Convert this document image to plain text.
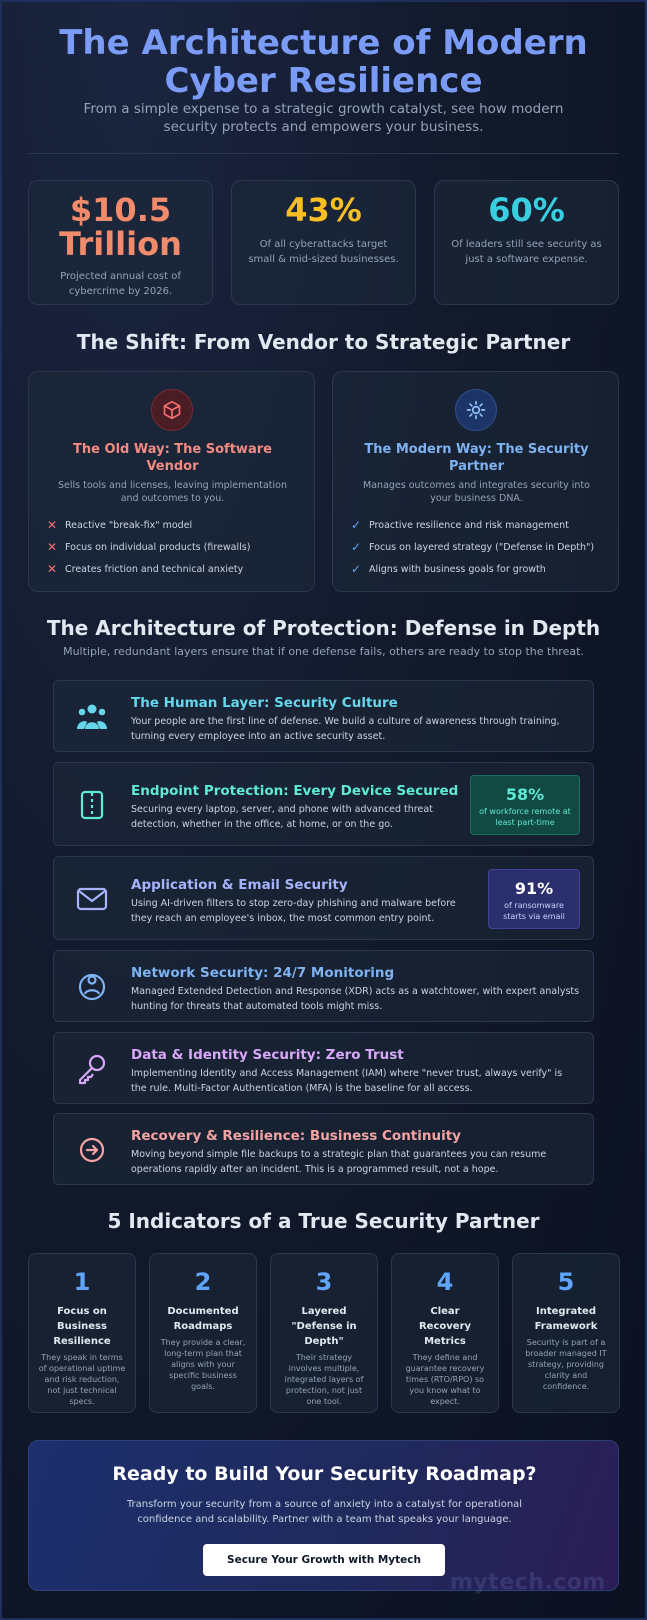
The Architecture of Modern
Cyber Resilience
From a simple expense to a strategic growth catalyst, see how modern security protects and empowers your business.
$10.5
Trillion
Projected annual cost of cybercrime by 2026.
43%
Of all cyberattacks target small & mid-sized businesses.
60%
Of leaders still see security as just a software expense.
The Shift: From Vendor to Strategic Partner
The Old Way: The Software Vendor
Sells tools and licenses, leaving implementation and outcomes to you.
✕ Reactive "break-fix" model
✕ Focus on individual products (firewalls)
✕ Creates friction and technical anxiety
The Modern Way: The Security Partner
Manages outcomes and integrates security into your business DNA.
✓ Proactive resilience and risk management
✓ Focus on layered strategy ("Defense in Depth")
✓ Aligns with business goals for growth
The Architecture of Protection: Defense in Depth
Multiple, redundant layers ensure that if one defense fails, others are ready to stop the threat.
The Human Layer: Security Culture
Your people are the first line of defense. We build a culture of awareness through training, turning every employee into an active security asset.
Endpoint Protection: Every Device Secured
Securing every laptop, server, and phone with advanced threat detection, whether in the office, at home, or on the go.
58%
of workforce remote at least part-time
Application & Email Security
Using AI-driven filters to stop zero-day phishing and malware before they reach an employee's inbox, the most common entry point.
91%
of ransomware starts via email
Network Security: 24/7 Monitoring
Managed Extended Detection and Response (XDR) acts as a watchtower, with expert analysts hunting for threats that automated tools might miss.
Data & Identity Security: Zero Trust
Implementing Identity and Access Management (IAM) where "never trust, always verify" is the rule. Multi-Factor Authentication (MFA) is the baseline for all access.
Recovery & Resilience: Business Continuity
Moving beyond simple file backups to a strategic plan that guarantees you can resume operations rapidly after an incident. This is a programmed result, not a hope.
5 Indicators of a True Security Partner
1
Focus on Business Resilience
They speak in terms of operational uptime and risk reduction, not just technical specs.
2
Documented Roadmaps
They provide a clear, long-term plan that aligns with your specific business goals.
3
Layered "Defense in Depth"
Their strategy involves multiple, integrated layers of protection, not just one tool.
4
Clear Recovery Metrics
They define and guarantee recovery times (RTO/RPO) so you know what to expect.
5
Integrated Framework
Security is part of a broader managed IT strategy, providing clarity and confidence.
Ready to Build Your Security Roadmap?
Transform your security from a source of anxiety into a catalyst for operational confidence and scalability. Partner with a team that speaks your language.
Secure Your Growth with Mytech
mytech.com
